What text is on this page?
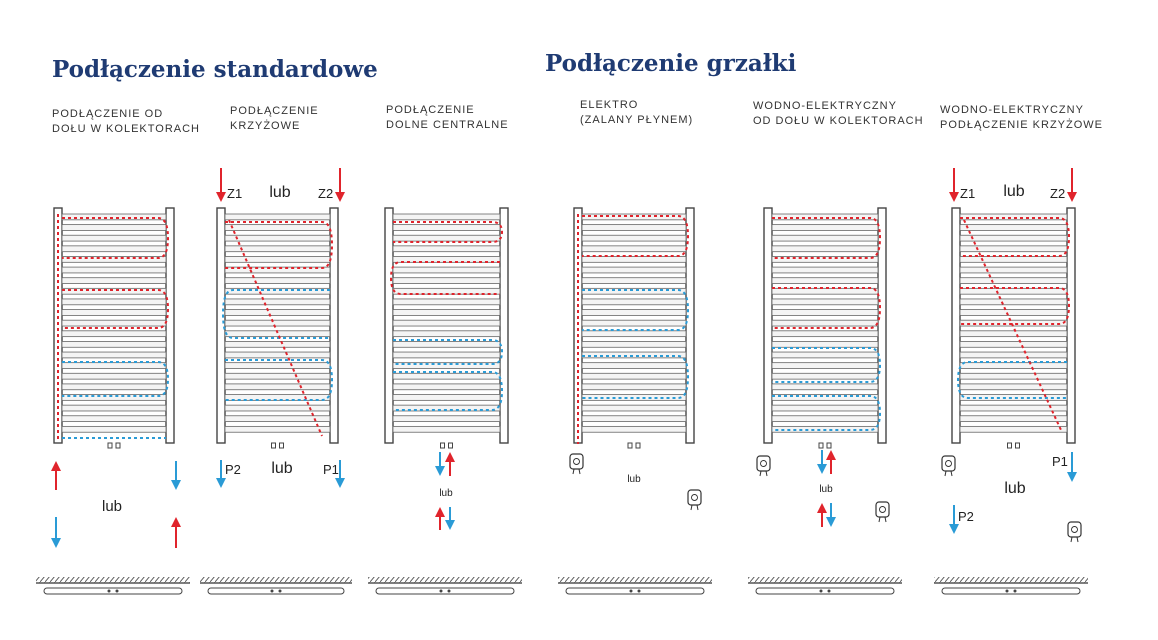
Podłączenie standardowe	Podłączenie grzałki
PODŁĄCZENIE OD
DOŁU W KOLEKTORACH
PODŁĄCZENIE
KRZYŻOWE
PODŁĄCZENIE
DOLNE CENTRALNE
ELEKTRO
(ZALANY PŁYNEM)
WODNO-ELEKTRYCZNY
OD DOŁU W KOLEKTORACH
WODNO-ELEKTRYCZNY
PODŁĄCZENIE KRZYŻOWE
lub
Z1 lub Z2
P2 lub P1
lub
lub
lub
Z1 lub Z2
P1
lub
P2
